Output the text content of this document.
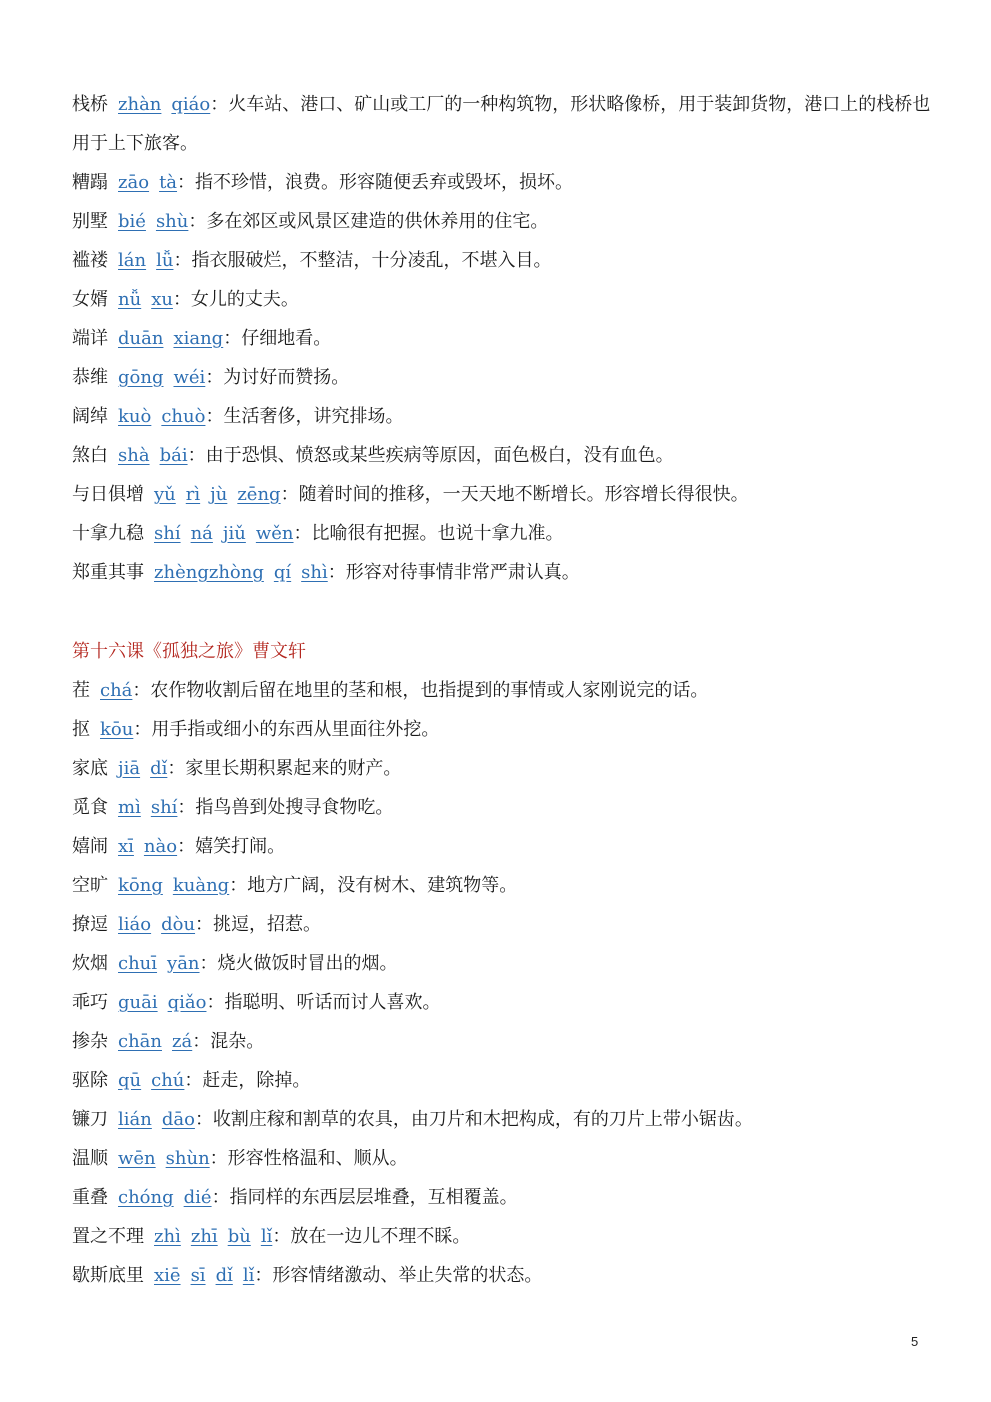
栈桥 zhàn qiáo：火车站、港口、矿山或工厂的一种构筑物，形状略像桥，用于装卸货物，港口上的栈桥也用于上下旅客。
糟蹋 zāo tà：指不珍惜，浪费。形容随便丢弃或毁坏，损坏。
别墅 bié shù：多在郊区或风景区建造的供休养用的住宅。
褴褛 lán lǚ：指衣服破烂，不整洁，十分凌乱，不堪入目。
女婿 nǚ xu：女儿的丈夫。
端详 duān xiang：仔细地看。
恭维 gōng wéi：为讨好而赞扬。
阔绰 kuò chuò：生活奢侈，讲究排场。
煞白 shà bái：由于恐惧、愤怒或某些疾病等原因，面色极白，没有血色。
与日俱增 yǔ rì jù zēng：随着时间的推移，一天天地不断增长。形容增长得很快。
十拿九稳 shí ná jiǔ wěn：比喻很有把握。也说十拿九准。
郑重其事 zhèngzhòng qí shì：形容对待事情非常严肃认真。
第十六课《孤独之旅》曹文轩
茬 chá：农作物收割后留在地里的茎和根，也指提到的事情或人家刚说完的话。
抠 kōu：用手指或细小的东西从里面往外挖。
家底 jiā dǐ：家里长期积累起来的财产。
觅食 mì shí：指鸟兽到处搜寻食物吃。
嬉闹 xī nào：嬉笑打闹。
空旷 kōng kuàng：地方广阔，没有树木、建筑物等。
撩逗 liáo dòu：挑逗，招惹。
炊烟 chuī yān：烧火做饭时冒出的烟。
乖巧 guāi qiǎo：指聪明、听话而讨人喜欢。
掺杂 chān zá：混杂。
驱除 qū chú：赶走，除掉。
镰刀 lián dāo：收割庄稼和割草的农具，由刀片和木把构成，有的刀片上带小锯齿。
温顺 wēn shùn：形容性格温和、顺从。
重叠 chóng dié：指同样的东西层层堆叠，互相覆盖。
置之不理 zhì zhī bù lǐ：放在一边儿不理不睬。
歇斯底里 xiē sī dǐ lǐ：形容情绪激动、举止失常的状态。
5
